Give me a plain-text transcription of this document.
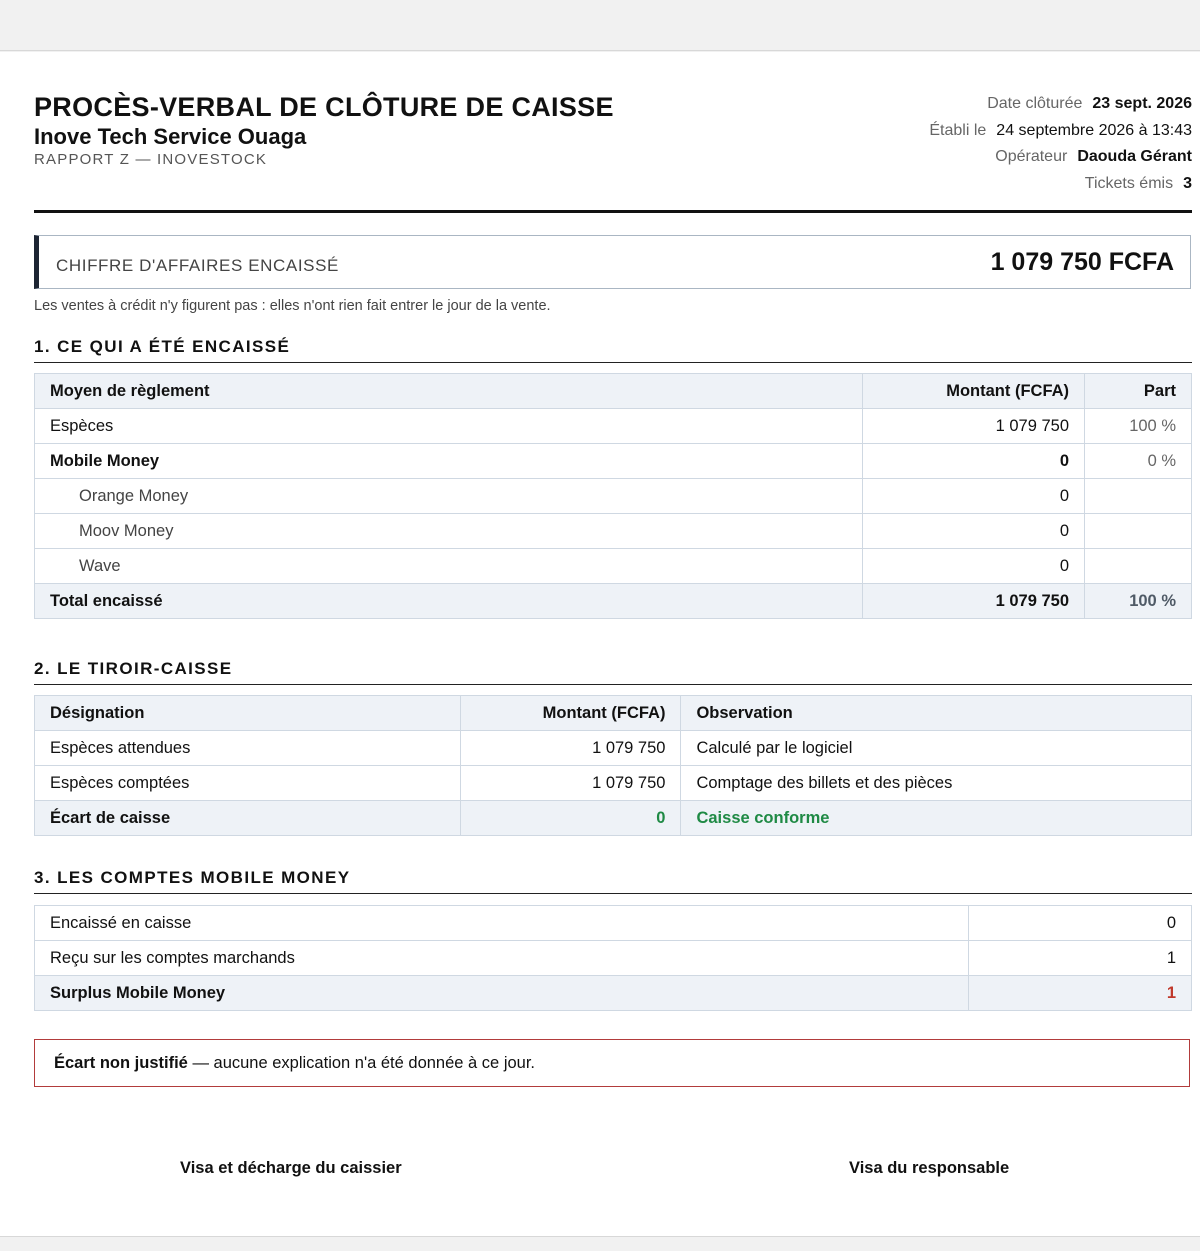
PROCÈS-VERBAL DE CLÔTURE DE CAISSE
Inove Tech Service Ouaga
RAPPORT Z — INOVESTOCK
Date clôturée 23 sept. 2026
Établi le 24 septembre 2026 à 13:43
Opérateur Daouda Gérant
Tickets émis 3
CHIFFRE D'AFFAIRES ENCAISSÉ	1 079 750 FCFA
Les ventes à crédit n'y figurent pas : elles n'ont rien fait entrer le jour de la vente.
1. CE QUI A ÉTÉ ENCAISSÉ
Moyen de règlement	Montant (FCFA)	Part
Espèces	1 079 750	100 %
Mobile Money	0	0 %
Orange Money	0	
Moov Money	0	
Wave	0	
Total encaissé	1 079 750	100 %
2. LE TIROIR-CAISSE
Désignation	Montant (FCFA)	Observation
Espèces attendues	1 079 750	Calculé par le logiciel
Espèces comptées	1 079 750	Comptage des billets et des pièces
Écart de caisse	0	Caisse conforme
3. LES COMPTES MOBILE MONEY
Encaissé en caisse	0
Reçu sur les comptes marchands	1
Surplus Mobile Money	1
Écart non justifié — aucune explication n'a été donnée à ce jour.
Visa et décharge du caissier	Visa du responsable
